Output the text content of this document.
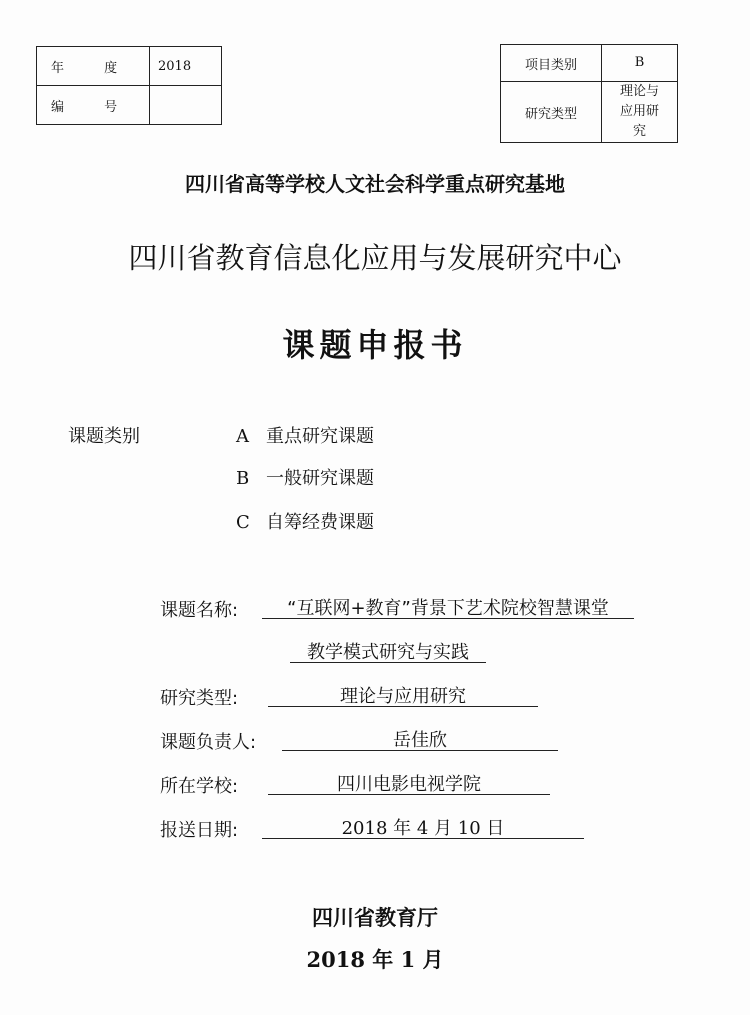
年 度	2018
编 号	
项目类别	B
研究类型	理论与应用研究
四川省高等学校人文社会科学重点研究基地
四川省教育信息化应用与发展研究中心
课题申报书
课题类别	A 重点研究课题
B 一般研究课题
C 自筹经费课题
课题名称:	“互联网+教育”背景下艺术院校智慧课堂
教学模式研究与实践
研究类型:	理论与应用研究
课题负责人:	岳佳欣
所在学校:	四川电影电视学院
报送日期:	2018 年 4 月 10 日
四川省教育厅
2018 年 1 月
